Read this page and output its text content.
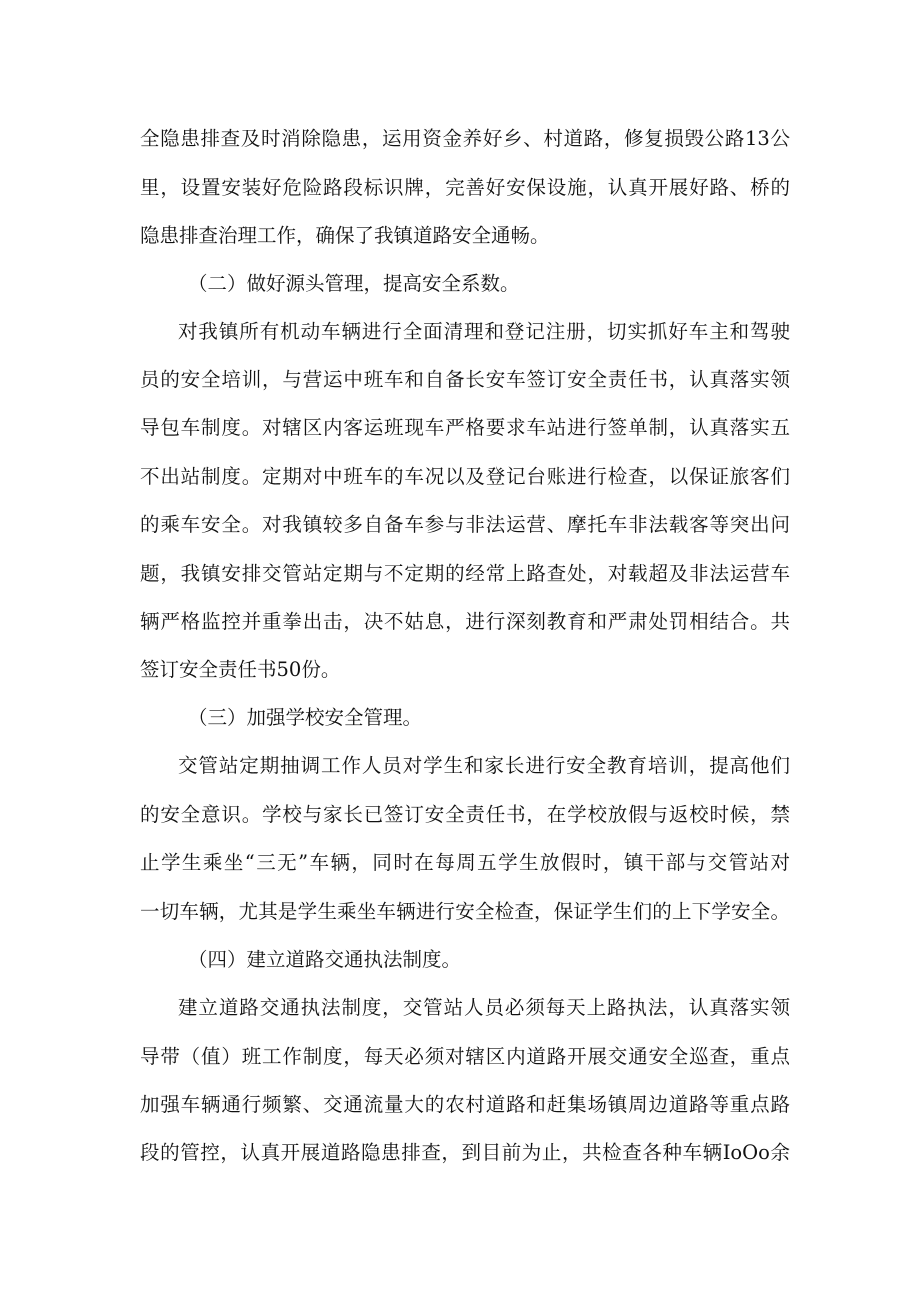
全隐患排查及时消除隐患，运用资金养好乡、村道路，修复损毁公路13公
里，设置安装好危险路段标识牌，完善好安保设施，认真开展好路、桥的
隐患排查治理工作，确保了我镇道路安全通畅。
（二）做好源头管理，提高安全系数。
对我镇所有机动车辆进行全面清理和登记注册，切实抓好车主和驾驶
员的安全培训，与营运中班车和自备长安车签订安全责任书，认真落实领
导包车制度。对辖区内客运班现车严格要求车站进行签单制，认真落实五
不出站制度。定期对中班车的车况以及登记台账进行检查，以保证旅客们
的乘车安全。对我镇较多自备车参与非法运营、摩托车非法载客等突出问
题，我镇安排交管站定期与不定期的经常上路查处，对载超及非法运营车
辆严格监控并重拳出击，决不姑息，进行深刻教育和严肃处罚相结合。共
签订安全责任书50份。
（三）加强学校安全管理。
交管站定期抽调工作人员对学生和家长进行安全教育培训，提高他们
的安全意识。学校与家长已签订安全责任书，在学校放假与返校时候，禁
止学生乘坐“三无”车辆，同时在每周五学生放假时，镇干部与交管站对
一切车辆，尤其是学生乘坐车辆进行安全检查，保证学生们的上下学安全。
（四）建立道路交通执法制度。
建立道路交通执法制度，交管站人员必须每天上路执法，认真落实领
导带（值）班工作制度，每天必须对辖区内道路开展交通安全巡查，重点
加强车辆通行频繁、交通流量大的农村道路和赶集场镇周边道路等重点路
段的管控，认真开展道路隐患排查，到目前为止，共检查各种车辆IoOo余
